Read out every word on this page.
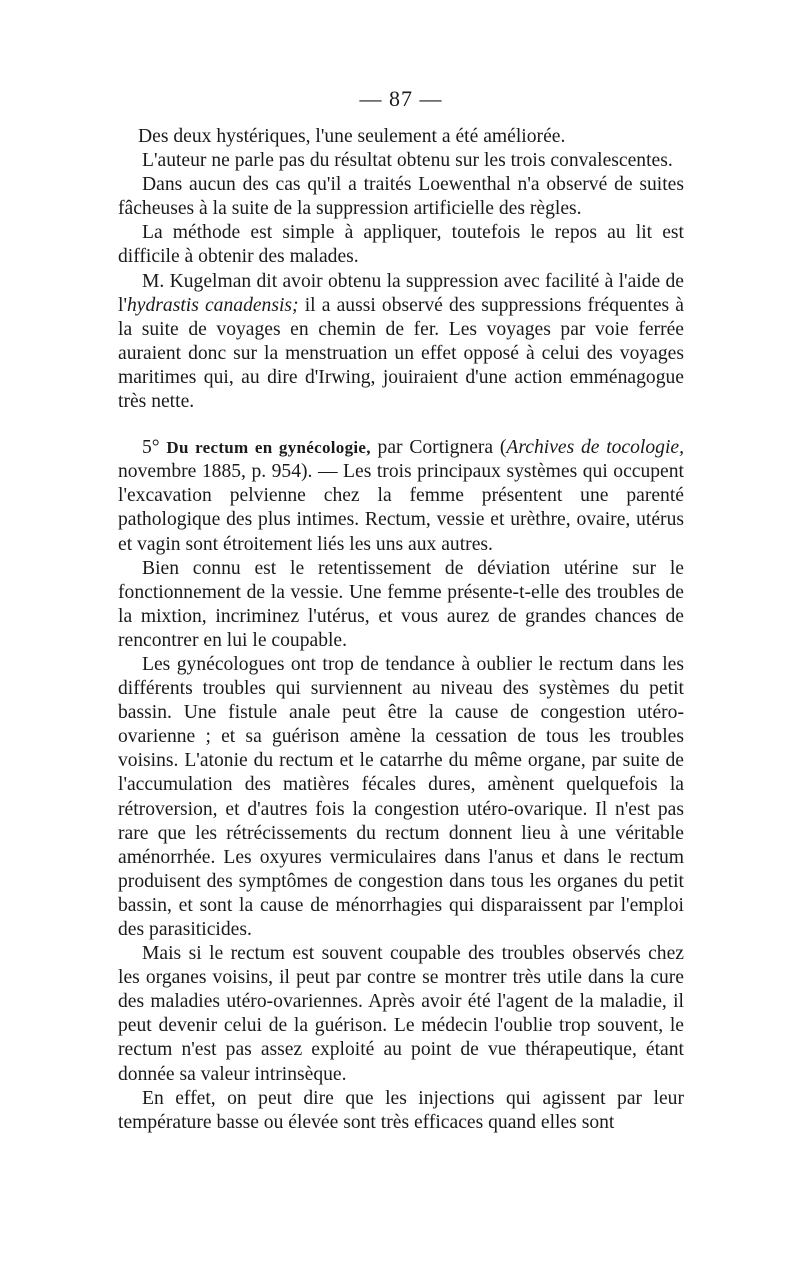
— 87 —

Des deux hystériques, l'une seulement a été améliorée.

L'auteur ne parle pas du résultat obtenu sur les trois convalescentes.

Dans aucun des cas qu'il a traités Loewenthal n'a observé de suites fâcheuses à la suite de la suppression artificielle des règles.

La méthode est simple à appliquer, toutefois le repos au lit est difficile à obtenir des malades.

M. Kugelman dit avoir obtenu la suppression avec facilité à l'aide de l'hydrastis canadensis; il a aussi observé des suppressions fréquentes à la suite de voyages en chemin de fer. Les voyages par voie ferrée auraient donc sur la menstruation un effet opposé à celui des voyages maritimes qui, au dire d'Irwing, jouiraient d'une action emménagogue très nette.

5° Du rectum en gynécologie, par Cortignera (Archives de tocologie, novembre 1885, p. 954). — Les trois principaux systèmes qui occupent l'excavation pelvienne chez la femme présentent une parenté pathologique des plus intimes. Rectum, vessie et urèthre, ovaire, utérus et vagin sont étroitement liés les uns aux autres.

Bien connu est le retentissement de déviation utérine sur le fonctionnement de la vessie. Une femme présente-t-elle des troubles de la mixtion, incriminez l'utérus, et vous aurez de grandes chances de rencontrer en lui le coupable.

Les gynécologues ont trop de tendance à oublier le rectum dans les différents troubles qui surviennent au niveau des systèmes du petit bassin. Une fistule anale peut être la cause de congestion utéro-ovarienne ; et sa guérison amène la cessation de tous les troubles voisins. L'atonie du rectum et le catarrhe du même organe, par suite de l'accumulation des matières fécales dures, amènent quelquefois la rétroversion, et d'autres fois la congestion utéro-ovarique. Il n'est pas rare que les rétrécissements du rectum donnent lieu à une véritable aménorrhée. Les oxyures vermiculaires dans l'anus et dans le rectum produisent des symptômes de congestion dans tous les organes du petit bassin, et sont la cause de ménorrhagies qui disparaissent par l'emploi des parasiticides.

Mais si le rectum est souvent coupable des troubles observés chez les organes voisins, il peut par contre se montrer très utile dans la cure des maladies utéro-ovariennes. Après avoir été l'agent de la maladie, il peut devenir celui de la guérison. Le médecin l'oublie trop souvent, le rectum n'est pas assez exploité au point de vue thérapeutique, étant donnée sa valeur intrinsèque.

En effet, on peut dire que les injections qui agissent par leur température basse ou élevée sont très efficaces quand elles sont
